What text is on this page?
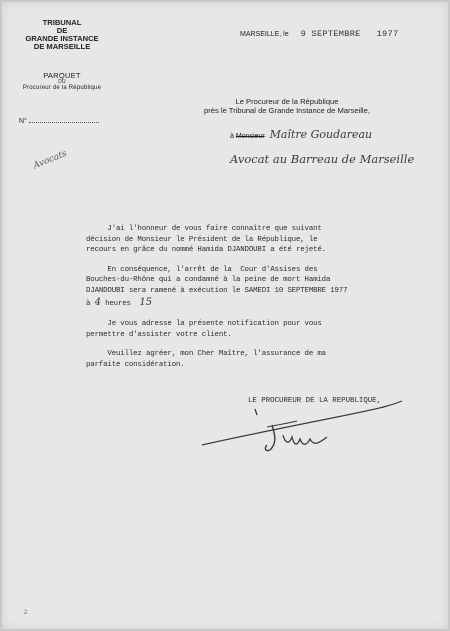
TRIBUNAL
DE
GRANDE INSTANCE
DE MARSEILLE
PARQUET
DU
Procureur de la République
N°
MARSEILLE, le 9 SEPTEMBRE 1977
Le Procureur de la République
près le Tribunal de Grande Instance de Marseille,
à Monsieur Maître Goudareau
Avocat au Barreau de Marseille
Avocats
J'ai l'honneur de vous faire connaître que suivant
décision de Monsieur le Président de la République, le
recours en grâce du nommé Hamida DJANDOUBI a été rejeté.
En conséquence, l'arrêt de la  Cour d'Assises des
Bouches-du-Rhône qui a condamné à la peine de mort Hamida
DJANDOUBI sera ramené à exécution le SAMEDI 10 SEPTEMBRE 1977
à 4 heures 15
Je vous adresse la présente notification pour vous
permettre d'assister votre client.
Veuillez agréer, mon Cher Maître, l'assurance de ma
parfaite considération.
LE PROCUREUR DE LA REPUBLIQUE,
2
